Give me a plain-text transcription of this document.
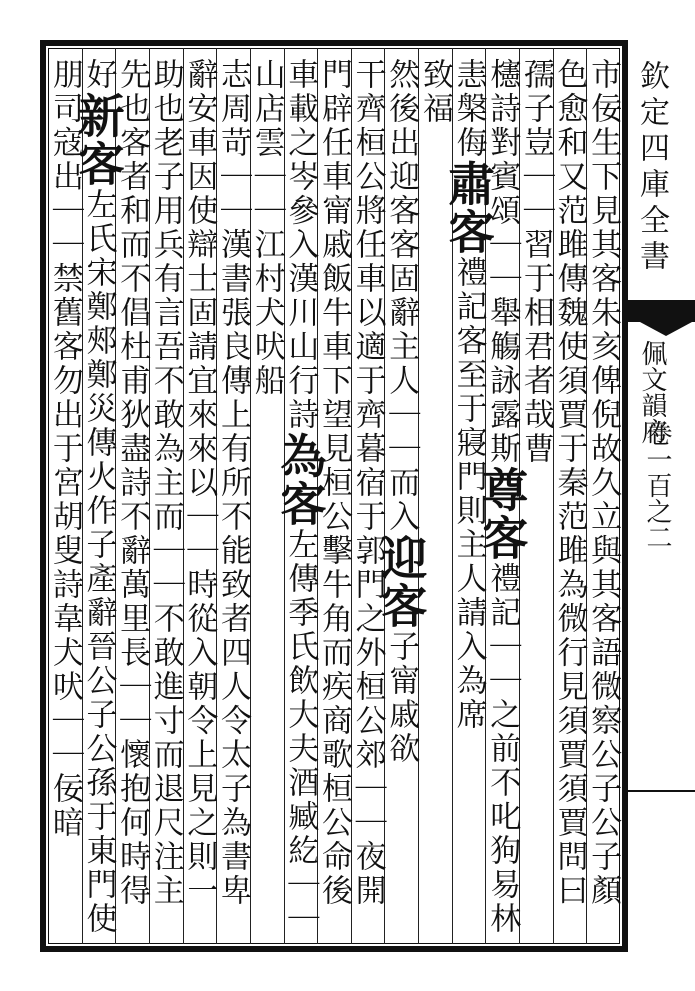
市佞生下見其客朱亥俾倪故久立與其客語微察公子公子顏
色愈和又范雎傳魏使須賈于秦范雎為微行見須賈須賈問曰
孺子豈｜｜習于相君者哉曹
櫶詩對賓頌｜｜舉觴詠露斯尊客禮記｜｜之前不叱狗易林
恚槃侮肅客禮記客至于寢門則主人請入為席
致福
然後出迎客客固辭主人｜｜而入迎客子甯戚欲
干齊桓公將任車以適于齊暮宿于郭門之外桓公郊｜｜夜開
門辟任車甯戚飯牛車下望見桓公擊牛角而疾商歌桓公命後
車載之岑參入漢川山行詩為客左傳季氏飲大夫酒臧紇｜｜
山店雲｜｜江村犬吠船
志周苛｜｜漢書張良傳上有所不能致者四人令太子為書卑
辭安車因使辯士固請宜來來以｜｜時從入朝令上見之則一
助也老子用兵有言吾不敢為主而｜｜不敢進寸而退尺注主
先也客者和而不倡杜甫狄盡詩不辭萬里長｜｜懷抱何時得
好新客左氏宋鄭郟鄭災傳火作子產辭晉公子公孫于東門使
朋司寇出｜｜禁舊客勿出于宮胡叟詩韋犬吠｜｜佞暗	欽定四庫全書
佩文韻府
卷一百之二
